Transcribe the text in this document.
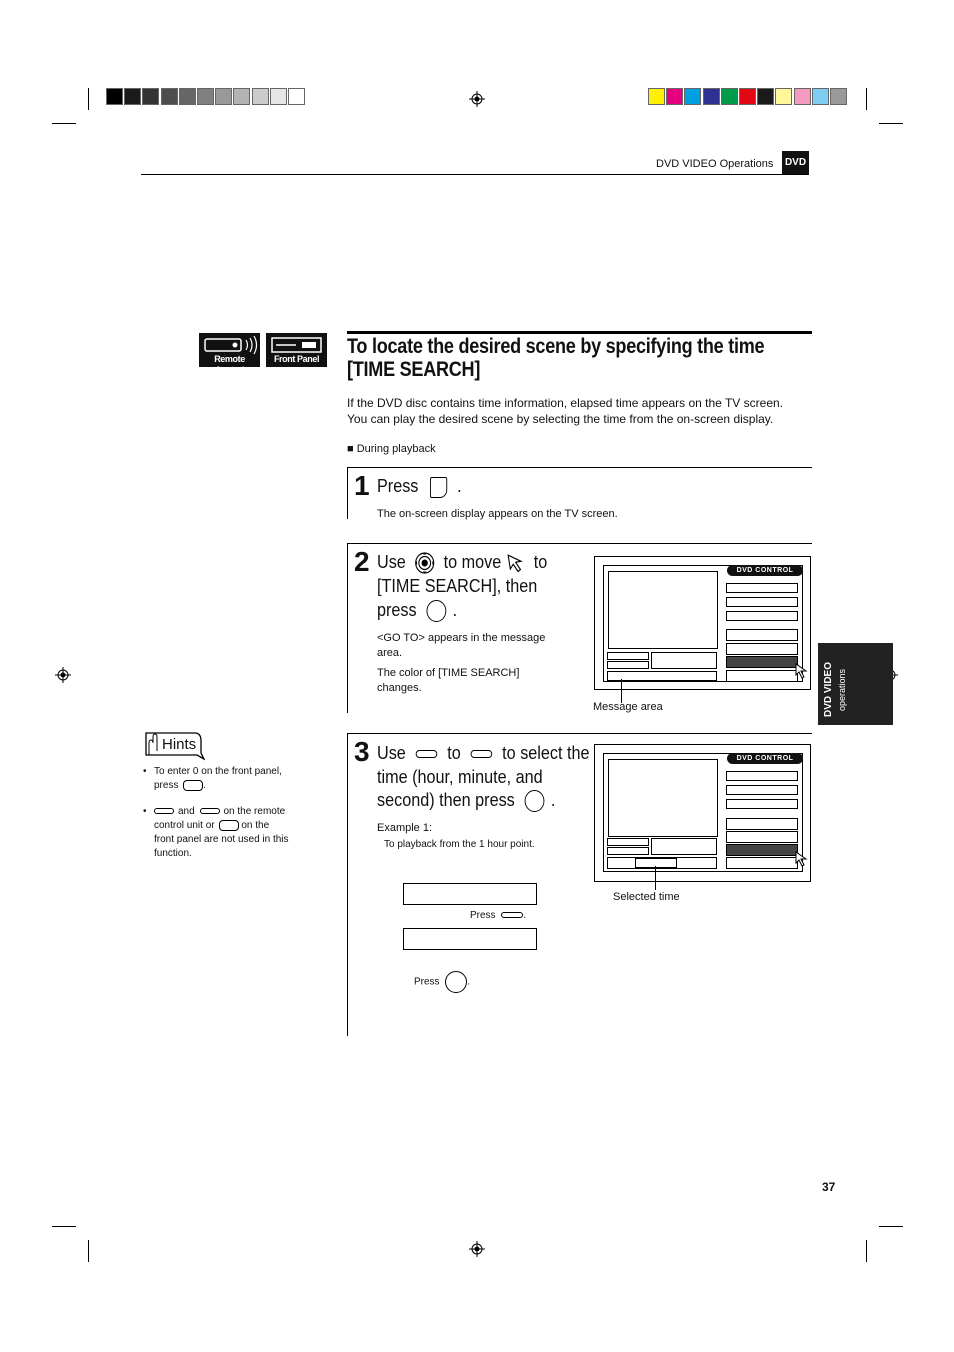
DVD VIDEO Operations DVD
Remote Control
Front Panel
To locate the desired scene by specifying the time
[TIME SEARCH]
If the DVD disc contains time information, elapsed time appears on the TV screen.
You can play the desired scene by selecting the time from the on-screen display.
■ During playback
1 Press .
The on-screen display appears on the TV screen.
2 Use to move to
[TIME SEARCH], then
press .
<GO TO> appears in the message
area.
The color of [TIME SEARCH]
changes.
DVD CONTROL
Message area
3 Use to to select the
time (hour, minute, and
second) then press .
Example 1:
To playback from the 1 hour point.
Press	.
Press	.
DVD CONTROL
Selected time
Hints
• To enter 0 on the front panel,
press .
•	and	on the remote
control unit or	on the
front panel are not used in this
function.
DVD VIDEO operations
37
